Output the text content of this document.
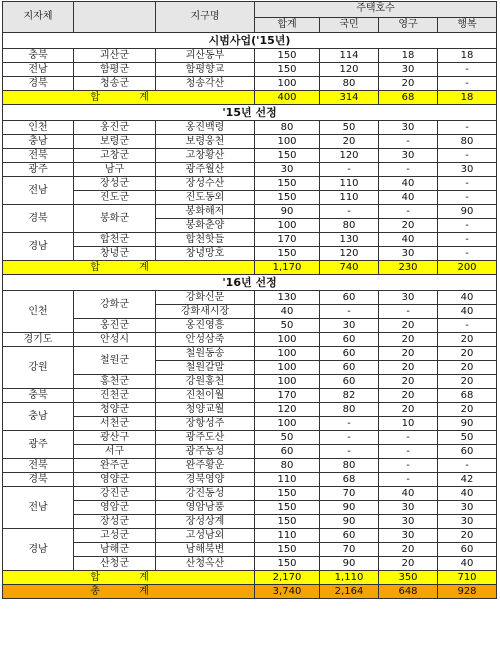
지자체		지구명	주택호수			
			합계	국민	영구	행복
시범사업('15년)						
충북	괴산군	괴산동부	150	114	18	18
전남	함평군	함평향교	150	120	30	-
경북	청송군	청송각산	100	80	20	-
합 계			400	314	68	18
'15년 선정						
인천	옹진군	옹진백령	80	50	30	-
충남	보령군	보령웅천	100	20	-	80
전북	고창군	고창황산	150	120	30	-
광주	남구	광주월산	30	-	-	30
전남	장성군	장성수산	150	110	40	-
	진도군	진도동외	150	110	40	-
경북	봉화군	봉화해저	90	-	-	90
		봉화춘양	100	80	20	-
경남	합천군	합천핫들	170	130	40	-
	창녕군	창녕망호	150	120	30	-
합 계			1,170	740	230	200
'16년 선정						
인천	강화군	강화신문	130	60	30	40
		강화새시장	40	-	-	40
	옹진군	옹진영흥	50	30	20	-
경기도	안성시	안성삼죽	100	60	20	20
강원	철원군	철원동송	100	60	20	20
		철원갈말	100	60	20	20
	홍천군	강원홍천	100	60	20	20
충북	진천군	진천이월	170	82	20	68
충남	청양군	청양교월	120	80	20	20
	서천군	장항성주	100	-	10	90
광주	광산구	광주도산	50	-	-	50
	서구	광주농성	60	-	-	60
전북	완주군	완주황운	80	80	-	-
경북	영양군	경북영양	110	68	-	42
전남	강진군	강진동성	150	70	40	40
	영암군	영암남풍	150	90	30	30
	장성군	장성상계	150	90	30	30
경남	고성군	고성남외	110	60	30	20
	남해군	남해북변	150	70	20	60
	산청군	산청옥산	150	90	20	40
합 계			2,170	1,110	350	710
총 계			3,740	2,164	648	928
